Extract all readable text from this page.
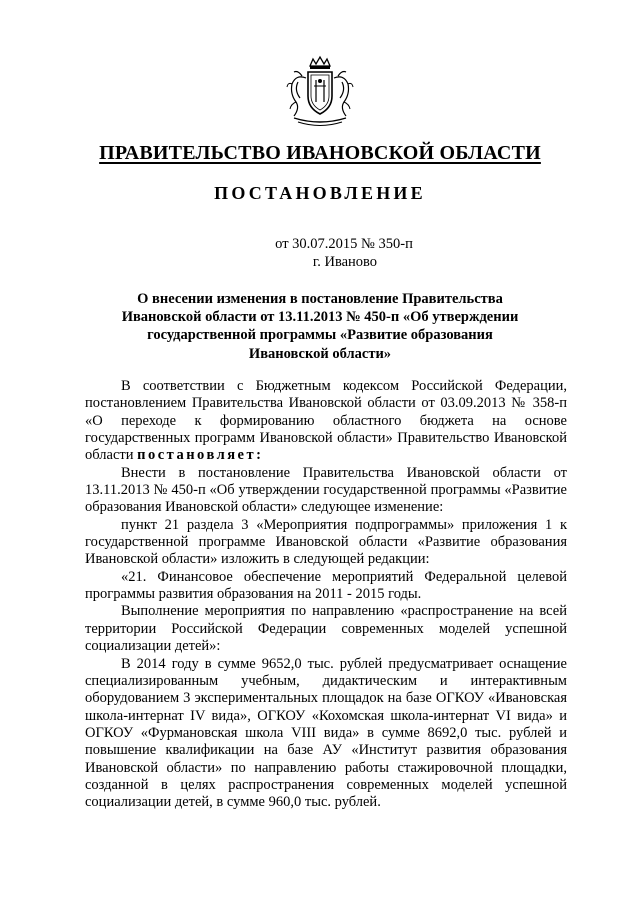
ПРАВИТЕЛЬСТВО ИВАНОВСКОЙ ОБЛАСТИ
ПОСТАНОВЛЕНИЕ
от 30.07.2015 № 350-п
г. Иваново
О внесении изменения в постановление Правительства
Ивановской области от 13.11.2013 № 450-п «Об утверждении
государственной программы «Развитие образования
Ивановской области»

В соответствии с Бюджетным кодексом Российской Федерации, постановлением Правительства Ивановской области от 03.09.2013 № 358-п «О переходе к формированию областного бюджета на основе государственных программ Ивановской области» Правительство Ивановской области постановляет:

Внести в постановление Правительства Ивановской области от 13.11.2013 № 450-п «Об утверждении государственной программы «Развитие образования Ивановской области» следующее изменение:

пункт 21 раздела 3 «Мероприятия подпрограммы» приложения 1 к государственной программе Ивановской области «Развитие образования Ивановской области» изложить в следующей редакции:

«21. Финансовое обеспечение мероприятий Федеральной целевой программы развития образования на 2011 - 2015 годы.

Выполнение мероприятия по направлению «распространение на всей территории Российской Федерации современных моделей успешной социализации детей»:

В 2014 году в сумме 9652,0 тыс. рублей предусматривает оснащение специализированным учебным, дидактическим и интерактивным оборудованием 3 экспериментальных площадок на базе ОГКОУ «Ивановская школа-интернат IV вида», ОГКОУ «Кохомская школа-интернат VI вида» и ОГКОУ «Фурмановская школа VIII вида» в сумме 8692,0 тыс. рублей и повышение квалификации на базе АУ «Институт развития образования Ивановской области» по направлению работы стажировочной площадки, созданной в целях распространения современных моделей успешной социализации детей, в сумме 960,0 тыс. рублей.
